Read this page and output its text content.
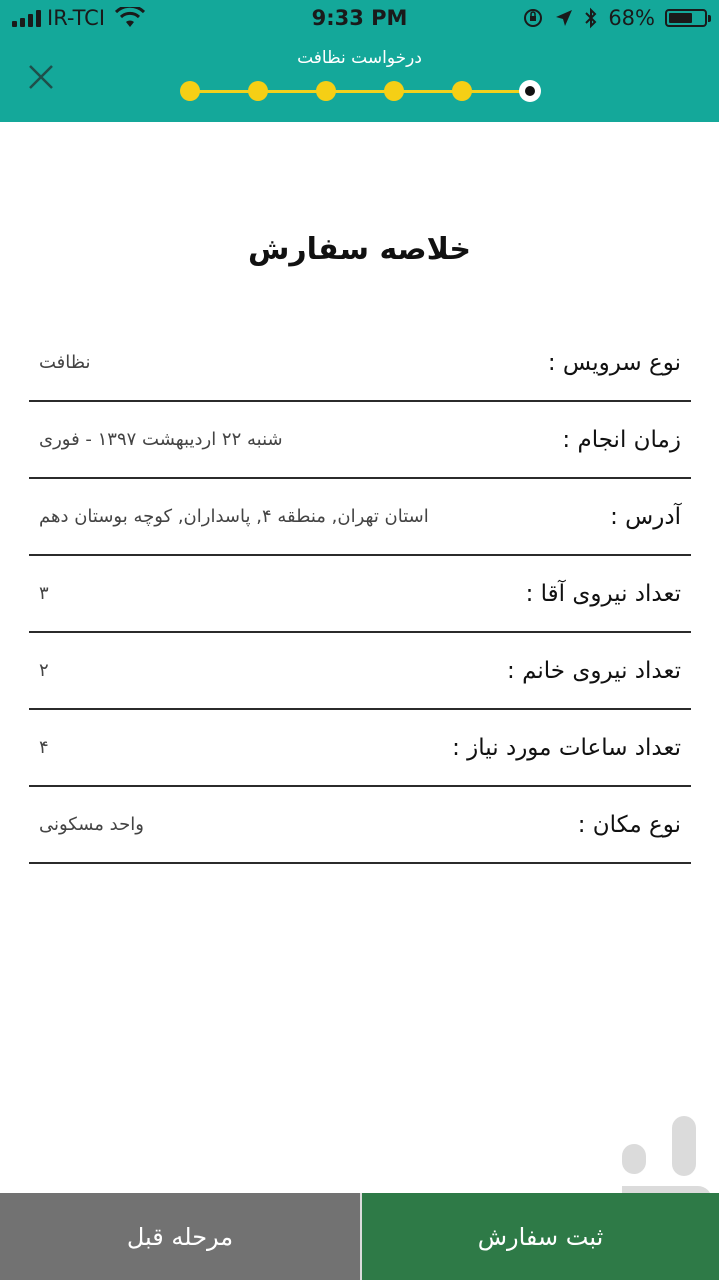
IR-TCI	9:33 PM	68%
درخواست نظافت
خلاصه سفارش
نظافت	نوع سرویس :
شنبه ۲۲ اردیبهشت ۱۳۹۷ - فوری	زمان انجام :
استان تهران, منطقه ۴, پاسداران, کوچه بوستان دهم	آدرس :
۳	تعداد نیروی آقا :
۲	تعداد نیروی خانم :
۴	تعداد ساعات مورد نیاز :
واحد مسکونی	نوع مکان :
مرحله قبل	ثبت سفارش
